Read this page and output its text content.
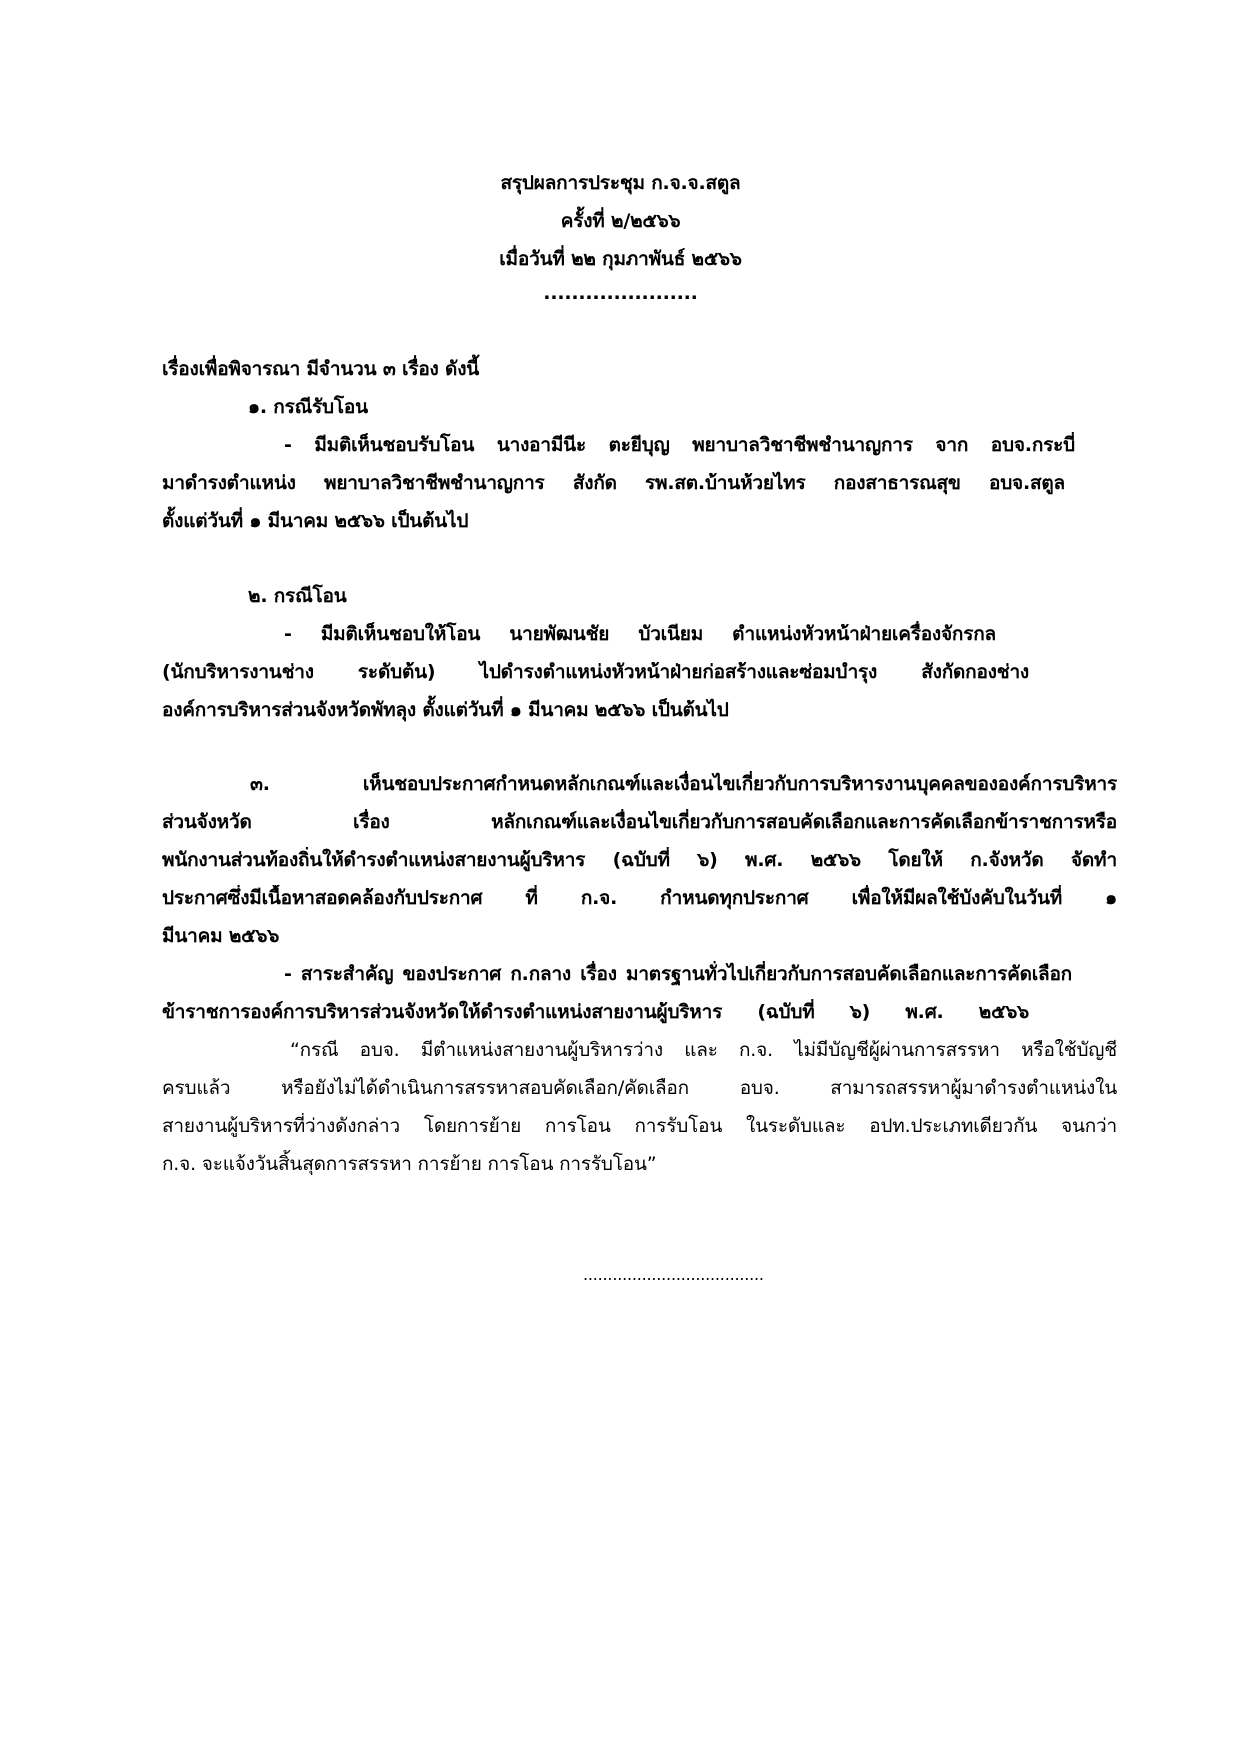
สรุปผลการประชุม ก.จ.จ.สตูล
ครั้งที่ ๒/๒๕๖๖
เมื่อวันที่ ๒๒ กุมภาพันธ์ ๒๕๖๖
......................
เรื่องเพื่อพิจารณา มีจำนวน ๓ เรื่อง ดังนี้
๑. กรณีรับโอน
- มีมติเห็นชอบรับโอน นางอามีนีะ ตะยีบุญ พยาบาลวิชาชีพชำนาญการ จาก อบจ.กระบี่
มาดำรงตำแหน่ง พยาบาลวิชาชีพชำนาญการ สังกัด รพ.สต.บ้านห้วยไทร กองสาธารณสุข อบจ.สตูล
ตั้งแต่วันที่ ๑ มีนาคม ๒๕๖๖ เป็นต้นไป
๒. กรณีโอน
- มีมติเห็นชอบให้โอน นายพัฒนชัย บัวเนียม ตำแหน่งหัวหน้าฝ่ายเครื่องจักรกล
(นักบริหารงานช่าง ระดับต้น) ไปดำรงตำแหน่งหัวหน้าฝ่ายก่อสร้างและซ่อมบำรุง สังกัดกองช่าง
องค์การบริหารส่วนจังหวัดพัทลุง ตั้งแต่วันที่ ๑ มีนาคม ๒๕๖๖ เป็นต้นไป
๓. เห็นชอบประกาศกำหนดหลักเกณฑ์และเงื่อนไขเกี่ยวกับการบริหารงานบุคคลขององค์การบริหาร
ส่วนจังหวัด เรื่อง หลักเกณฑ์และเงื่อนไขเกี่ยวกับการสอบคัดเลือกและการคัดเลือกข้าราชการหรือ
พนักงานส่วนท้องถิ่นให้ดำรงตำแหน่งสายงานผู้บริหาร (ฉบับที่ ๖) พ.ศ. ๒๕๖๖ โดยให้ ก.จังหวัด จัดทำ
ประกาศซึ่งมีเนื้อหาสอดคล้องกับประกาศ ที่ ก.จ. กำหนดทุกประกาศ เพื่อให้มีผลใช้บังคับในวันที่ ๑
มีนาคม ๒๕๖๖
- สาระสำคัญ ของประกาศ ก.กลาง เรื่อง มาตรฐานทั่วไปเกี่ยวกับการสอบคัดเลือกและการคัดเลือก
ข้าราชการองค์การบริหารส่วนจังหวัดให้ดำรงตำแหน่งสายงานผู้บริหาร (ฉบับที่ ๖) พ.ศ. ๒๕๖๖
“กรณี อบจ. มีตำแหน่งสายงานผู้บริหารว่าง และ ก.จ. ไม่มีบัญชีผู้ผ่านการสรรหา หรือใช้บัญชี
ครบแล้ว หรือยังไม่ได้ดำเนินการสรรหาสอบคัดเลือก/คัดเลือก อบจ. สามารถสรรหาผู้มาดำรงตำแหน่งใน
สายงานผู้บริหารที่ว่างดังกล่าว โดยการย้าย การโอน การรับโอน ในระดับและ อปท.ประเภทเดียวกัน จนกว่า
ก.จ. จะแจ้งวันสิ้นสุดการสรรหา การย้าย การโอน การรับโอน”
.....................................
